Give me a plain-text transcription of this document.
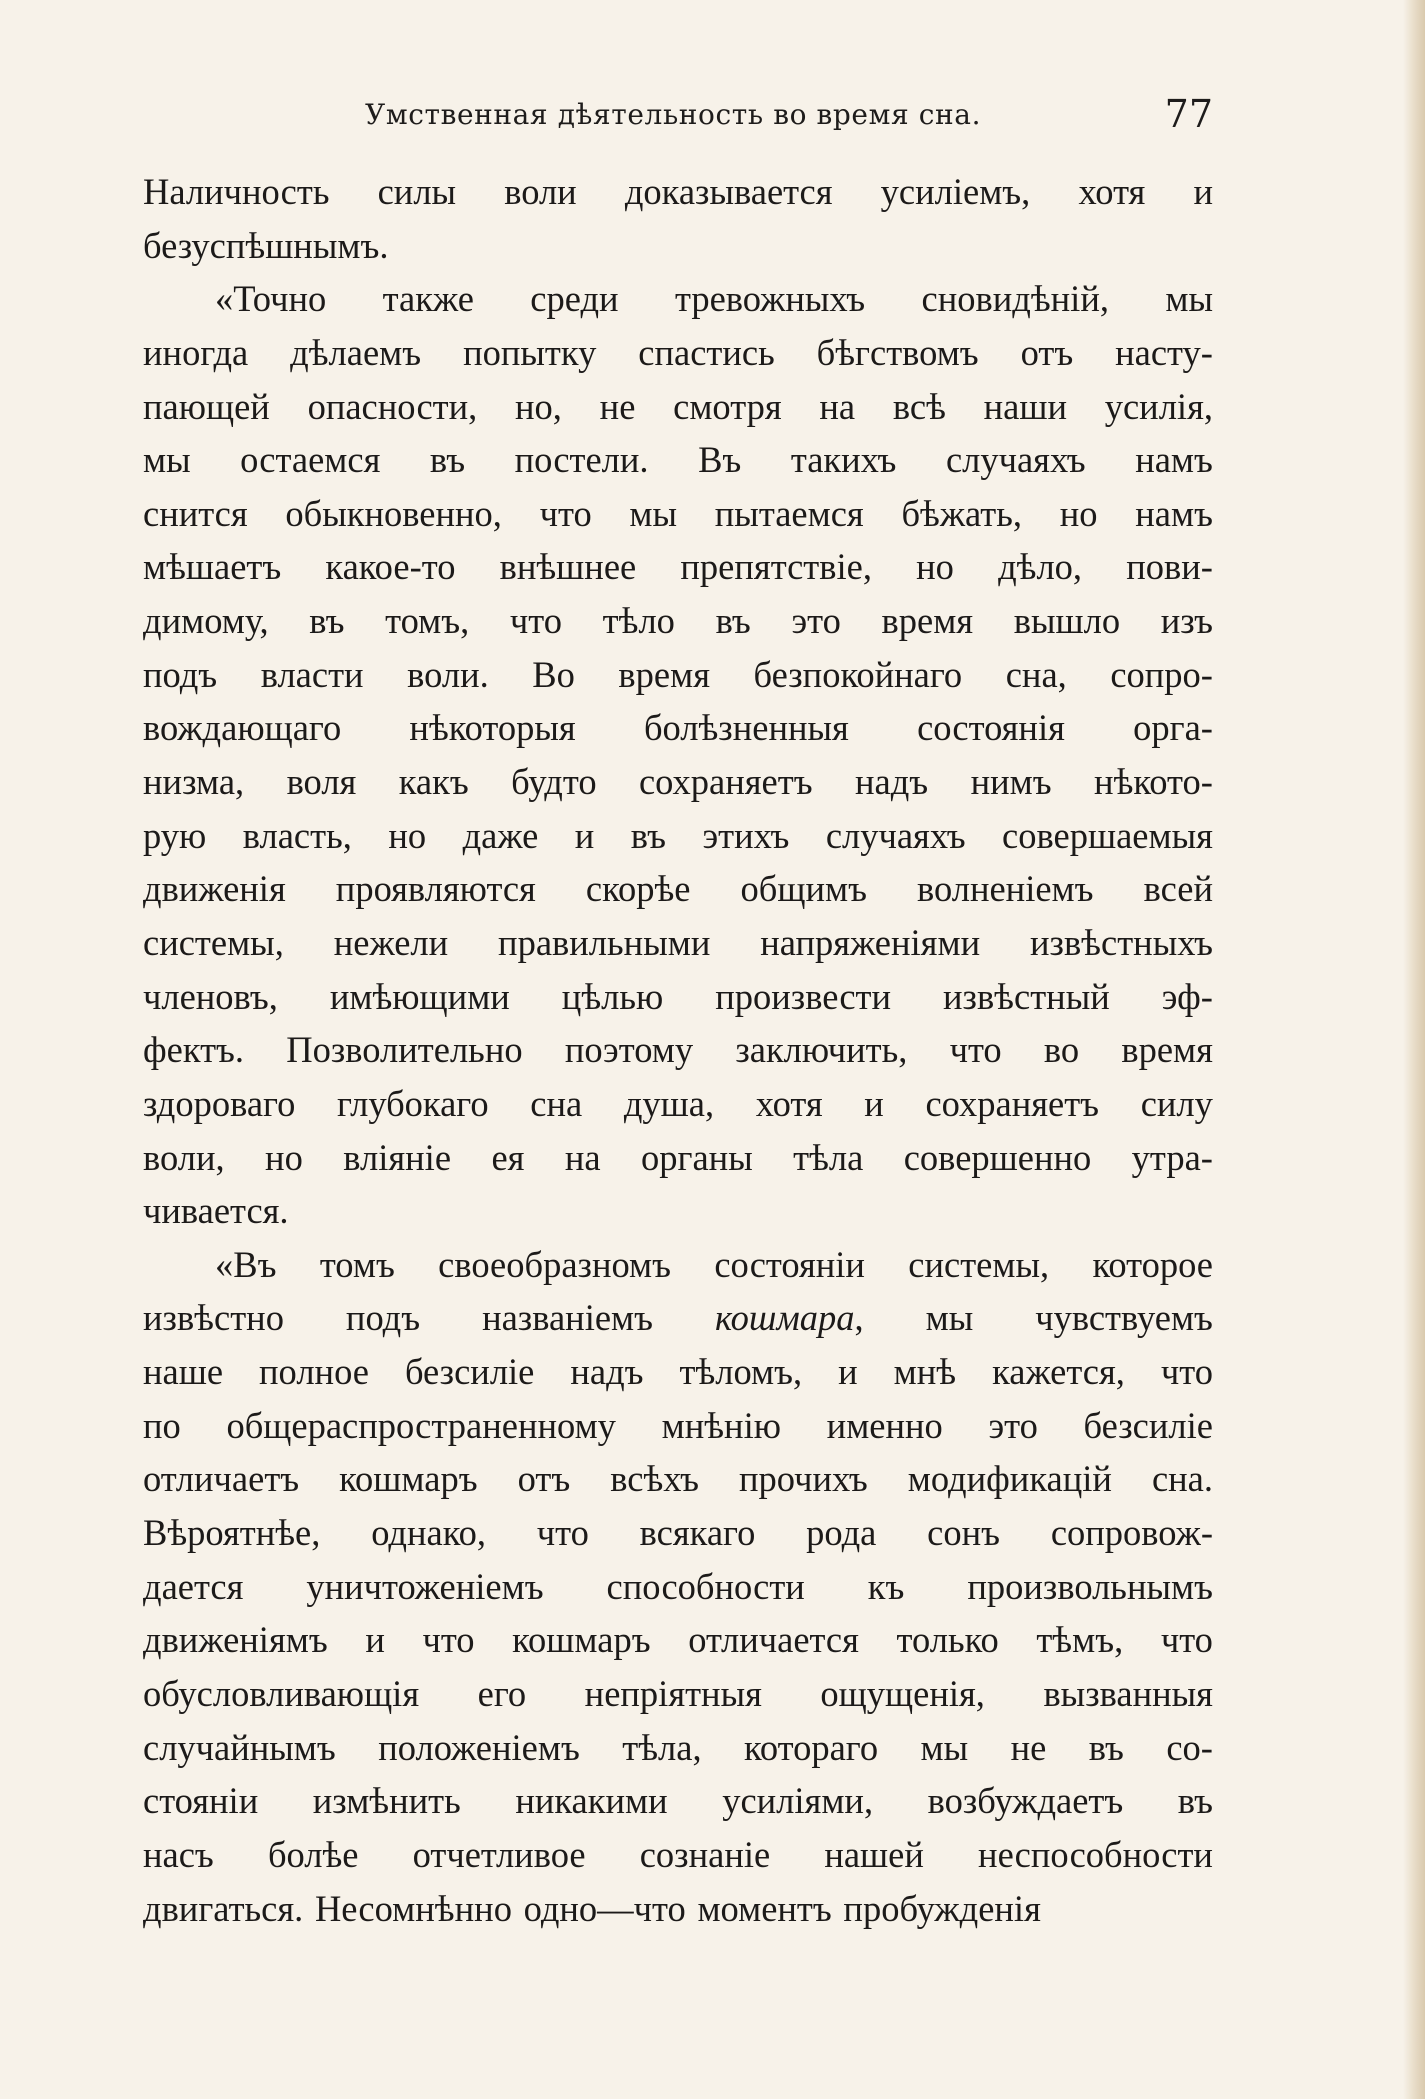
Умственная дѣятельность во время сна.	77
Наличность силы воли доказывается усиліемъ, хотя и
безуспѣшнымъ.
«Точно также среди тревожныхъ сновидѣній, мы
иногда дѣлаемъ попытку спастись бѣгствомъ отъ насту-
пающей опасности, но, не смотря на всѣ наши усилія,
мы остаемся въ постели. Въ такихъ случаяхъ намъ
снится обыкновенно, что мы пытаемся бѣжать, но намъ
мѣшаетъ какое-то внѣшнее препятствіе, но дѣло, пови-
димому, въ томъ, что тѣло въ это время вышло изъ
подъ власти воли. Во время безпокойнаго сна, сопро-
вождающаго нѣкоторыя болѣзненныя состоянія орга-
низма, воля какъ будто сохраняетъ надъ нимъ нѣкото-
рую власть, но даже и въ этихъ случаяхъ совершаемыя
движенія проявляются скорѣе общимъ волненіемъ всей
системы, нежели правильными напряженіями извѣстныхъ
членовъ, имѣющими цѣлью произвести извѣстный эф-
фектъ. Позволительно поэтому заключить, что во время
здороваго глубокаго сна душа, хотя и сохраняетъ силу
воли, но вліяніе ея на органы тѣла совершенно утра-
чивается.
«Въ томъ своеобразномъ состояніи системы, которое
извѣстно подъ названіемъ кошмара, мы чувствуемъ
наше полное безсиліе надъ тѣломъ, и мнѣ кажется, что
по общераспространенному мнѣнію именно это безсиліе
отличаетъ кошмаръ отъ всѣхъ прочихъ модификацій сна.
Вѣроятнѣе, однако, что всякаго рода сонъ сопровож-
дается уничтоженіемъ способности къ произвольнымъ
движеніямъ и что кошмаръ отличается только тѣмъ, что
обусловливающія его непріятныя ощущенія, вызванныя
случайнымъ положеніемъ тѣла, котораго мы не въ со-
стояніи измѣнить никакими усиліями, возбуждаетъ въ
насъ болѣе отчетливое сознаніе нашей неспособности
двигаться. Несомнѣнно одно—что моментъ пробужденія
